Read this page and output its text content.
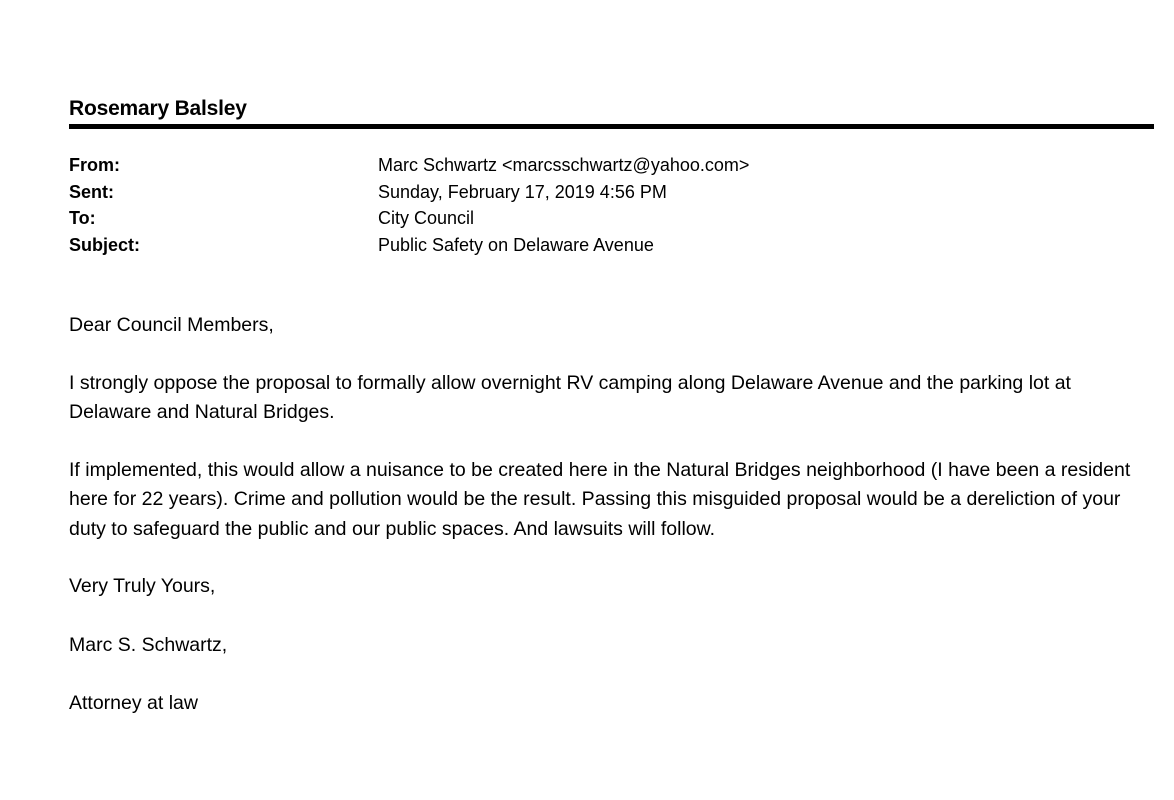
Rosemary Balsley
From:	Marc Schwartz <marcsschwartz@yahoo.com>
Sent:	Sunday, February 17, 2019 4:56 PM
To:	City Council
Subject:	Public Safety on Delaware Avenue

Dear Council Members,

I strongly oppose the proposal to formally allow overnight RV camping along Delaware Avenue and the parking lot at Delaware and Natural Bridges.

If implemented, this would allow a nuisance to be created here in the Natural Bridges neighborhood (I have been a resident here for 22 years). Crime and pollution would be the result. Passing this misguided proposal would be a dereliction of your duty to safeguard the public and our public spaces. And lawsuits will follow.

Very Truly Yours,

Marc S. Schwartz,

Attorney at law
